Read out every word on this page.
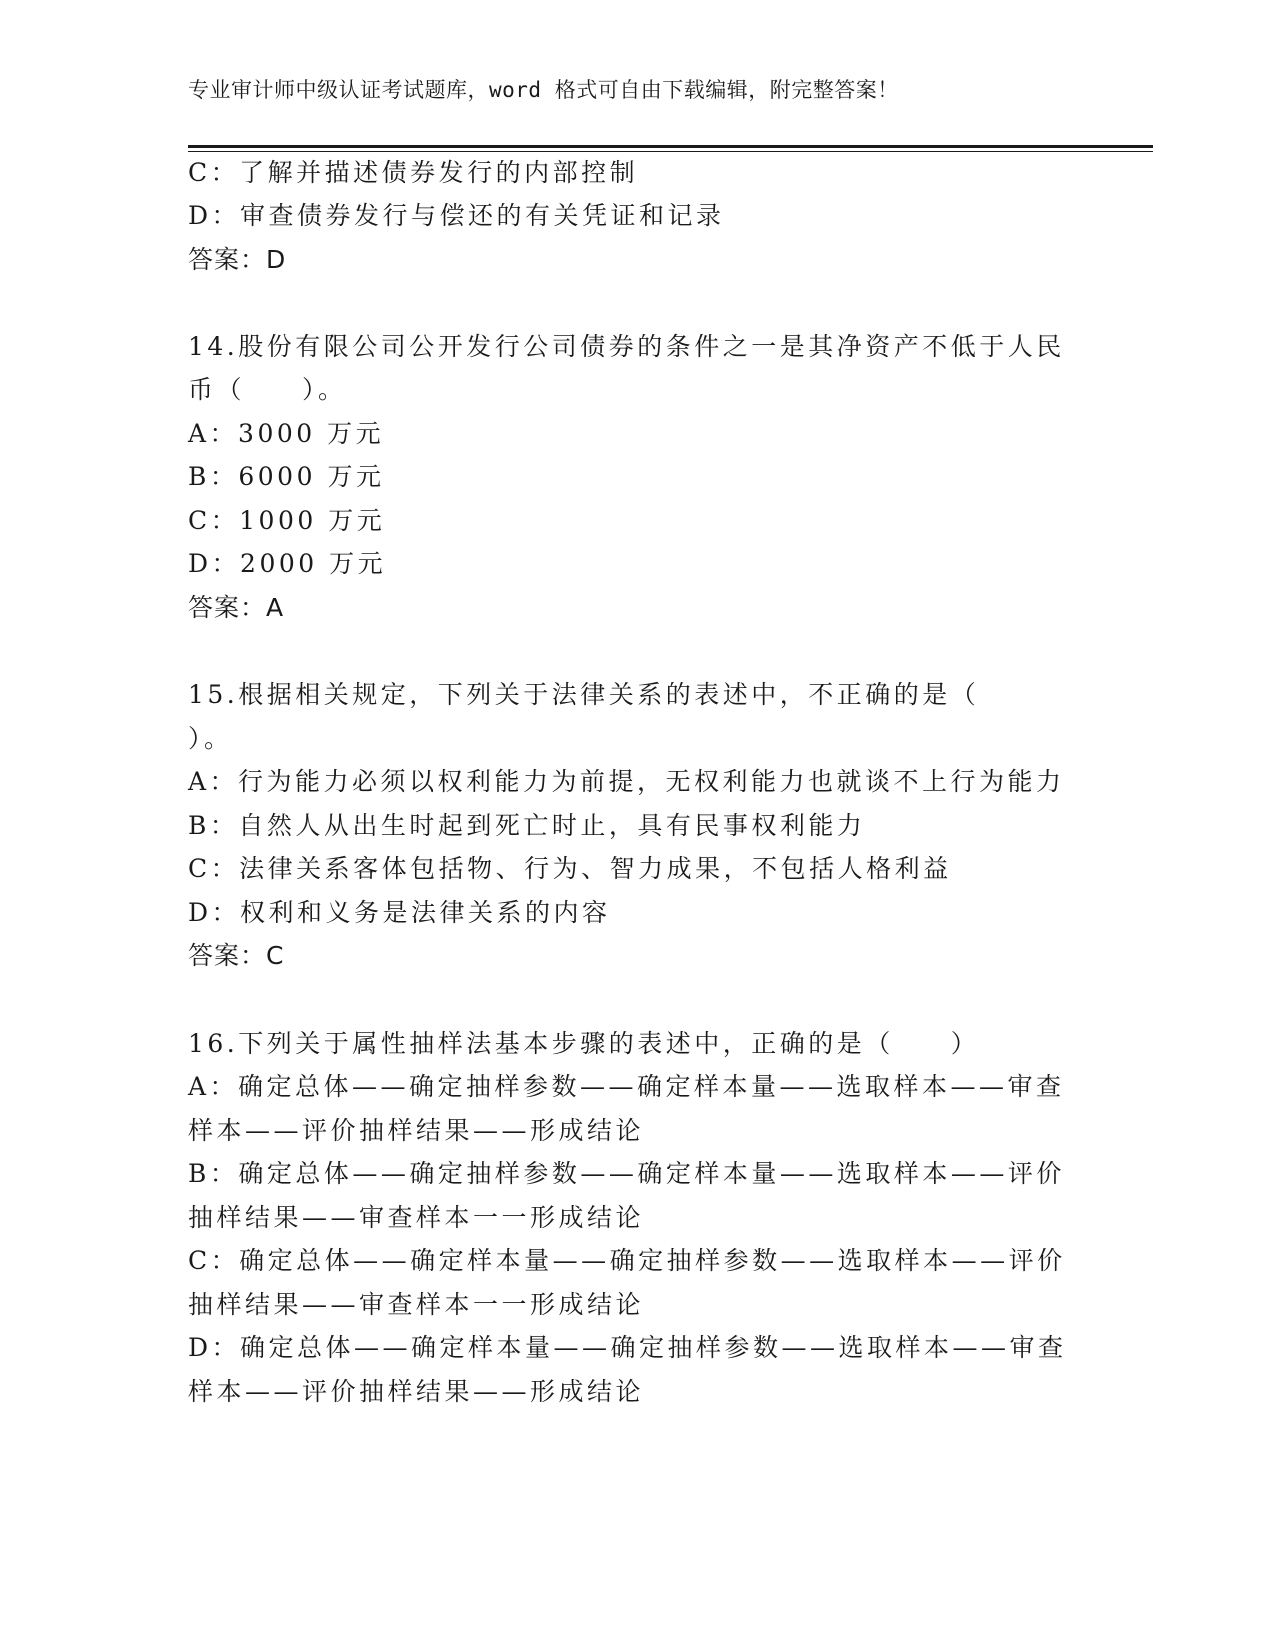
专业审计师中级认证考试题库，word 格式可自由下载编辑，附完整答案！
C：了解并描述债券发行的内部控制
D：审查债券发行与偿还的有关凭证和记录
答案：D
14.股份有限公司公开发行公司债券的条件之一是其净资产不低于人民
币（　　）。
A：3000 万元
B：6000 万元
C：1000 万元
D：2000 万元
答案：A
15.根据相关规定，下列关于法律关系的表述中，不正确的是（
）。
A：行为能力必须以权利能力为前提，无权利能力也就谈不上行为能力
B：自然人从出生时起到死亡时止，具有民事权利能力
C：法律关系客体包括物、行为、智力成果，不包括人格利益
D：权利和义务是法律关系的内容
答案：C
16.下列关于属性抽样法基本步骤的表述中，正确的是（　　）
A：确定总体——确定抽样参数——确定样本量——选取样本——审查
样本——评价抽样结果——形成结论
B：确定总体——确定抽样参数——确定样本量——选取样本——评价
抽样结果——审查样本一一形成结论
C：确定总体——确定样本量——确定抽样参数——选取样本——评价
抽样结果——审查样本一一形成结论
D：确定总体——确定样本量——确定抽样参数——选取样本——审查
样本——评价抽样结果——形成结论
